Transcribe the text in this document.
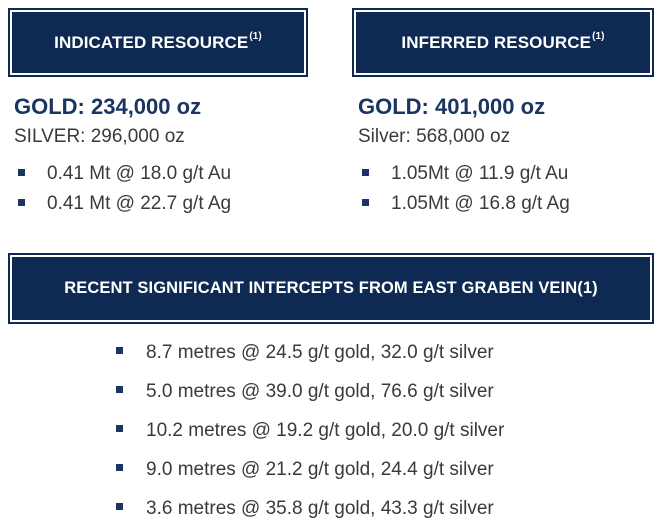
INDICATED RESOURCE$^{(1)}$	INFERRED RESOURCE$^{(1)}$
GOLD: 234,000 oz
SILVER: 296,000 oz
0.41 Mt @ 18.0 g/t Au
0.41 Mt @ 22.7 g/t Ag
GOLD: 401,000 oz
Silver: 568,000 oz
1.05Mt @ 11.9 g/t Au
1.05Mt @ 16.8 g/t Ag
RECENT SIGNIFICANT INTERCEPTS FROM EAST GRABEN VEIN(1)
8.7 metres @ 24.5 g/t gold, 32.0 g/t silver
5.0 metres @ 39.0 g/t gold, 76.6 g/t silver
10.2 metres @ 19.2 g/t gold, 20.0 g/t silver
9.0 metres @ 21.2 g/t gold, 24.4 g/t silver
3.6 metres @ 35.8 g/t gold, 43.3 g/t silver
